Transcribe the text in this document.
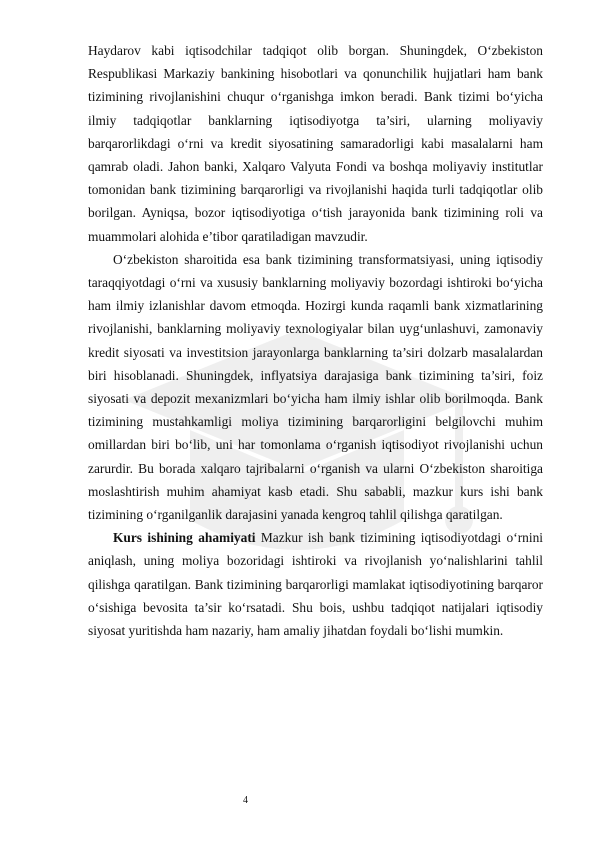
Haydarov kabi iqtisodchilar tadqiqot olib borgan. Shuningdek, O‘zbekiston Respublikasi Markaziy bankining hisobotlari va qonunchilik hujjatlari ham bank tizimining rivojlanishini chuqur o‘rganishga imkon beradi. Bank tizimi bo‘yicha ilmiy tadqiqotlar banklarning iqtisodiyotga ta’siri, ularning moliyaviy barqarorlikdagi o‘rni va kredit siyosatining samaradorligi kabi masalalarni ham qamrab oladi. Jahon banki, Xalqaro Valyuta Fondi va boshqa moliyaviy institutlar tomonidan bank tizimining barqarorligi va rivojlanishi haqida turli tadqiqotlar olib borilgan. Ayniqsa, bozor iqtisodiyotiga o‘tish jarayonida bank tizimining roli va muammolari alohida e’tibor qaratiladigan mavzudir.

O‘zbekiston sharoitida esa bank tizimining transformatsiyasi, uning iqtisodiy taraqqiyotdagi o‘rni va xususiy banklarning moliyaviy bozordagi ishtiroki bo‘yicha ham ilmiy izlanishlar davom etmoqda. Hozirgi kunda raqamli bank xizmatlarining rivojlanishi, banklarning moliyaviy texnologiyalar bilan uyg‘unlashuvi, zamonaviy kredit siyosati va investitsion jarayonlarga banklarning ta’siri dolzarb masalalardan biri hisoblanadi. Shuningdek, inflyatsiya darajasiga bank tizimining ta’siri, foiz siyosati va depozit mexanizmlari bo‘yicha ham ilmiy ishlar olib borilmoqda. Bank tizimining mustahkamligi moliya tizimining barqarorligini belgilovchi muhim omillardan biri bo‘lib, uni har tomonlama o‘rganish iqtisodiyot rivojlanishi uchun zarurdir. Bu borada xalqaro tajribalarni o‘rganish va ularni O‘zbekiston sharoitiga moslashtirish muhim ahamiyat kasb etadi. Shu sababli, mazkur kurs ishi bank tizimining o‘rganilganlik darajasini yanada kengroq tahlil qilishga qaratilgan.

Kurs ishining ahamiyati Mazkur ish bank tizimining iqtisodiyotdagi o‘rnini aniqlash, uning moliya bozoridagi ishtiroki va rivojlanish yo‘nalishlarini tahlil qilishga qaratilgan. Bank tizimining barqarorligi mamlakat iqtisodiyotining barqaror o‘sishiga bevosita ta’sir ko‘rsatadi. Shu bois, ushbu tadqiqot natijalari iqtisodiy siyosat yuritishda ham nazariy, ham amaliy jihatdan foydali bo‘lishi mumkin.

4
